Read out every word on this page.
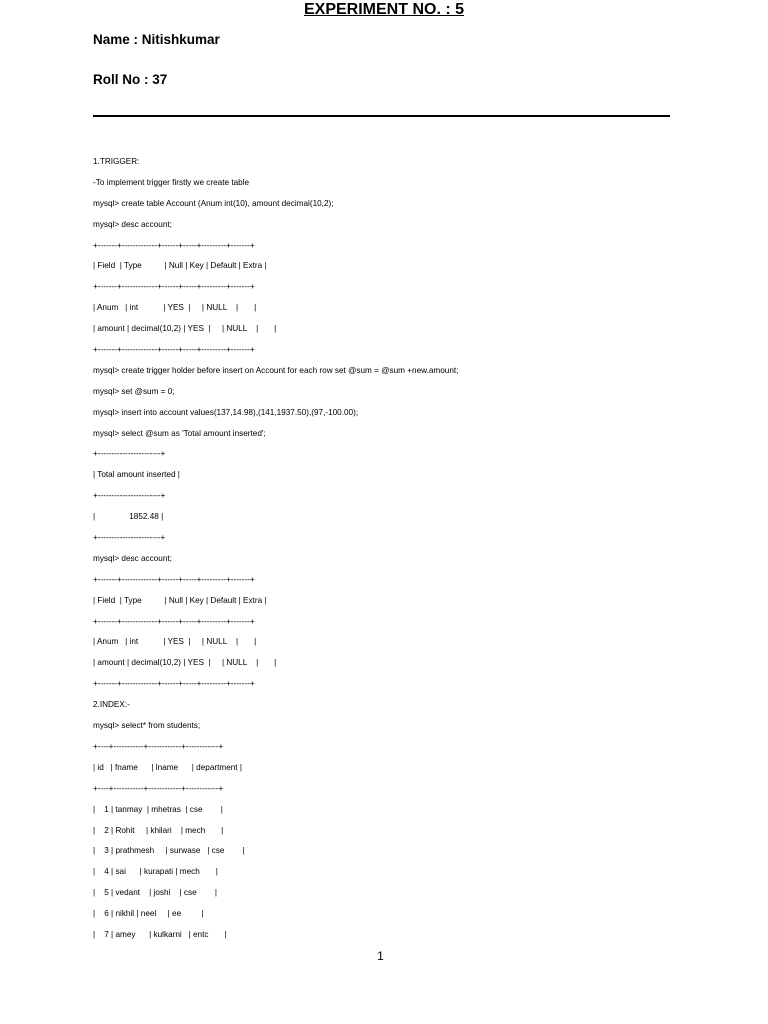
EXPERIMENT NO. : 5
Name : Nitishkumar
Roll No : 37
1.TRIGGER:
-To implement trigger firstly we create table
mysql> create table Account (Anum int(10), amount decimal(10,2);
mysql> desc account;
+-------+-------------+------+-----+---------+-------+
| Field  | Type          | Null | Key | Default | Extra |
+-------+-------------+------+-----+---------+-------+
| Anum   | int           | YES  |     | NULL    |       |
| amount | decimal(10,2) | YES  |     | NULL    |       |
+-------+-------------+------+-----+---------+-------+
mysql> create trigger holder before insert on Account for each row set @sum = @sum +new.amount;
mysql> set @sum = 0;
mysql> insert into account values(137,14.98),(141,1937.50),(97,-100.00);
mysql> select @sum as 'Total amount inserted';
+-----------------------+
| Total amount inserted |
+-----------------------+
|               1852.48 |
+-----------------------+
mysql> desc account;
+-------+-------------+------+-----+---------+-------+
| Field  | Type          | Null | Key | Default | Extra |
+-------+-------------+------+-----+---------+-------+
| Anum   | int           | YES  |     | NULL    |       |
| amount | decimal(10,2) | YES  |     | NULL    |       |
+-------+-------------+------+-----+---------+-------+
2.INDEX:-
mysql> select* from students;
+----+-----------+------------+------------+
| id   | fname      | lname      | department |
+----+-----------+------------+------------+
|    1 | tanmay  | mhetras  | cse        |
|    2 | Rohit     | khilari    | mech       |
|    3 | prathmesh     | surwase   | cse        |
|    4 | sai      | kurapati | mech       |
|    5 | vedant    | joshi    | cse        |
|    6 | nikhil | neel     | ee         |
|    7 | amey      | kulkarni   | entc       |
1
